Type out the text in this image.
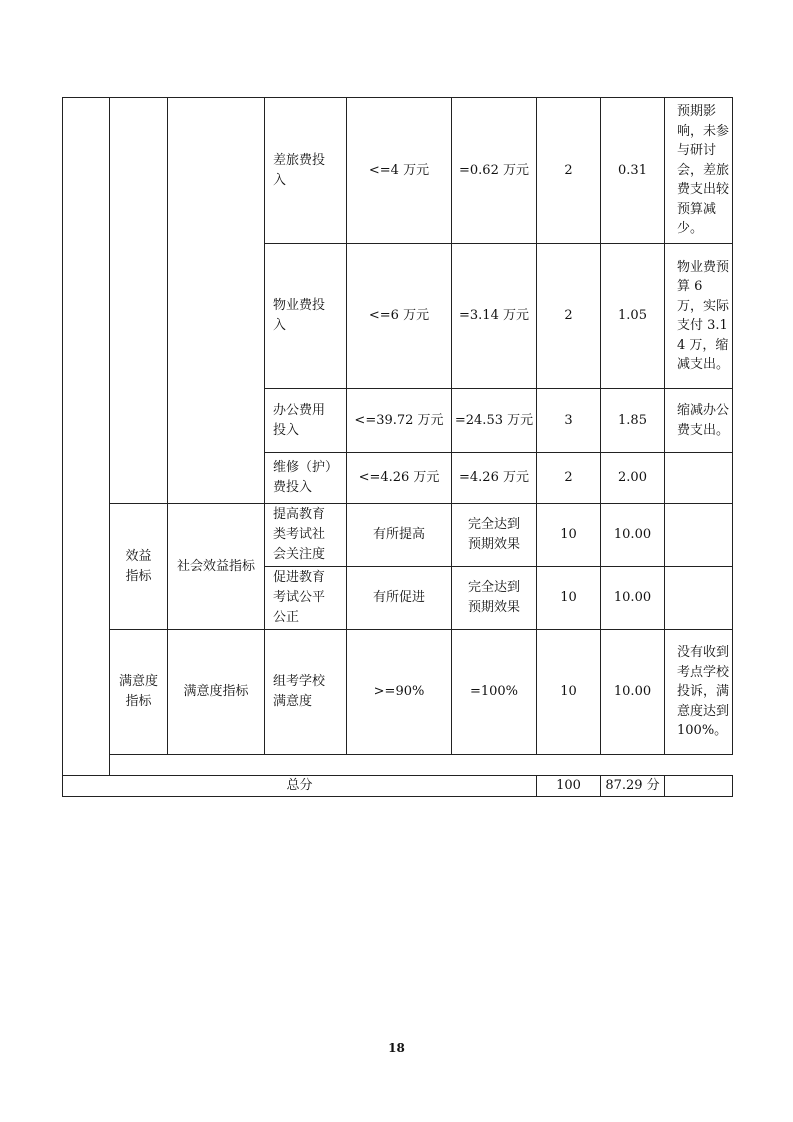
			差旅费投入	<=4 万元	=0.62 万元	2	0.31	预期影响，未参与研讨会，差旅费支出较预算减少。

			物业费投入	<=6 万元	=3.14 万元	2	1.05	物业费预算 6 万，实际支付 3.14 万，缩减支出。

			办公费用投入	<=39.72 万元	=24.53 万元	3	1.85	缩减办公费支出。

			维修（护）费投入	<=4.26 万元	=4.26 万元	2	2.00	

	效益指标	社会效益指标	提高教育类考试社会关注度	有所提高	完全达到预期效果	10	10.00	

			促进教育考试公平公正	有所促进	完全达到预期效果	10	10.00	

	满意度指标	满意度指标	组考学校满意度	>=90%	=100%	10	10.00	没有收到考点学校投诉，满意度达到 100%。

总分						100	87.29 分	
18
